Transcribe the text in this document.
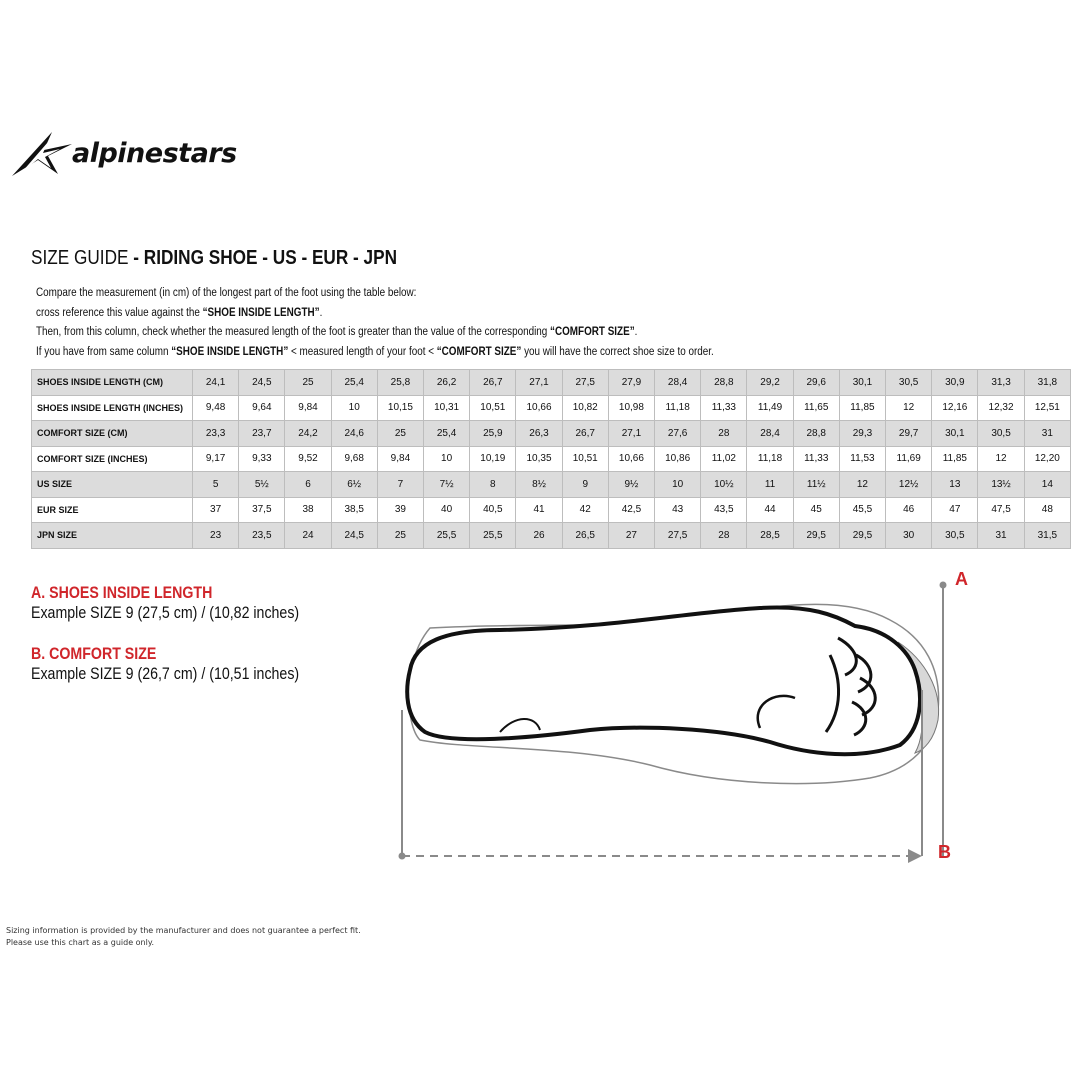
alpinestars
SIZE GUIDE - RIDING SHOE - US - EUR - JPN

Compare the measurement (in cm) of the longest part of the foot using the table below:

cross reference this value against the “SHOE INSIDE LENGTH”.

Then, from this column, check whether the measured length of the foot is greater than the value of the corresponding “COMFORT SIZE”.

If you have from same column “SHOE INSIDE LENGTH” < measured length of your foot < “COMFORT SIZE” you will have the correct shoe size to order.

SHOES INSIDE LENGTH (CM)	24,1	24,5	25	25,4	25,8	26,2	26,7	27,1	27,5	27,9	28,4	28,8	29,2	29,6	30,1	30,5	30,9	31,3	31,8
SHOES INSIDE LENGTH (INCHES)	9,48	9,64	9,84	10	10,15	10,31	10,51	10,66	10,82	10,98	11,18	11,33	11,49	11,65	11,85	12	12,16	12,32	12,51
COMFORT SIZE (CM)	23,3	23,7	24,2	24,6	25	25,4	25,9	26,3	26,7	27,1	27,6	28	28,4	28,8	29,3	29,7	30,1	30,5	31
COMFORT SIZE (INCHES)	9,17	9,33	9,52	9,68	9,84	10	10,19	10,35	10,51	10,66	10,86	11,02	11,18	11,33	11,53	11,69	11,85	12	12,20
US SIZE	5	5½	6	6½	7	7½	8	8½	9	9½	10	10½	11	11½	12	12½	13	13½	14
EUR SIZE	37	37,5	38	38,5	39	40	40,5	41	42	42,5	43	43,5	44	45	45,5	46	47	47,5	48
JPN SIZE	23	23,5	24	24,5	25	25,5	25,5	26	26,5	27	27,5	28	28,5	29,5	29,5	30	30,5	31	31,5
A. SHOES INSIDE LENGTH
Example SIZE 9 (27,5 cm) / (10,82 inches)
B. COMFORT SIZE
Example SIZE 9 (26,7 cm) / (10,51 inches)
A
B

Sizing information is provided by the manufacturer and does not guarantee a perfect fit.

Please use this chart as a guide only.
